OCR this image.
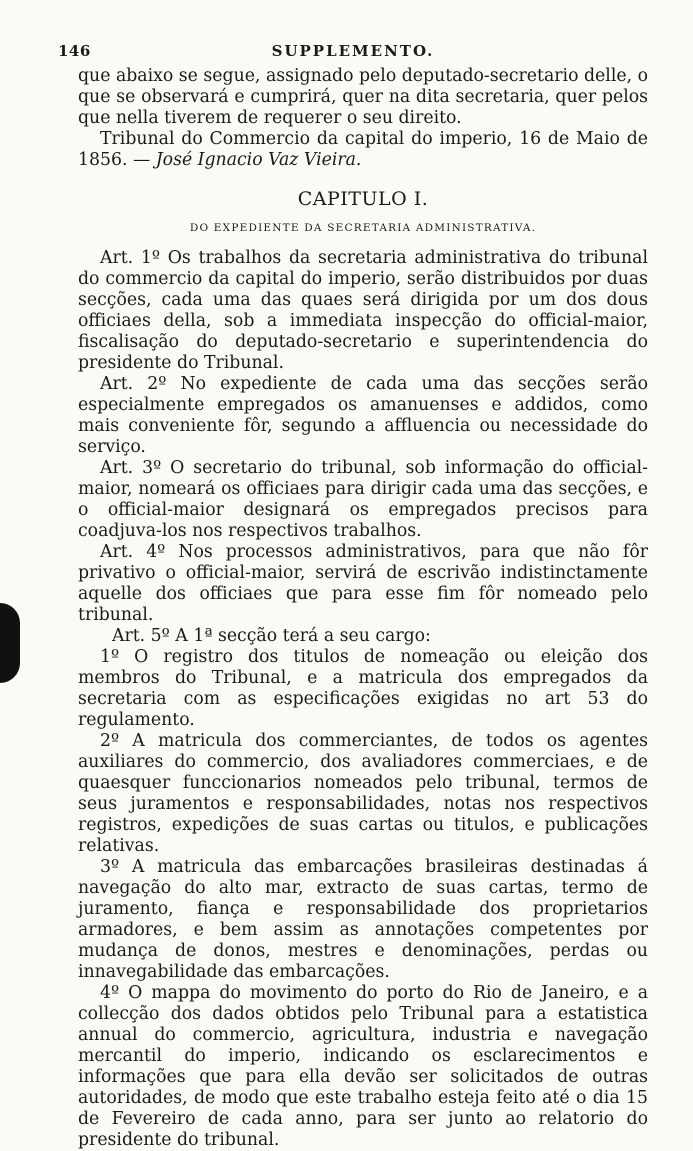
146	SUPPLEMENTO.

que abaixo se segue, assignado pelo deputado-secretario delle, o que se observará e cumprirá, quer na dita secretaria, quer pelos que nella tiverem de requerer o seu direito.

Tribunal do Commercio da capital do imperio, 16 de Maio de 1856. — José Ignacio Vaz Vieira.

CAPITULO I.
DO EXPEDIENTE DA SECRETARIA ADMINISTRATIVA.

Art. 1º Os trabalhos da secretaria administrativa do tribunal do commercio da capital do imperio, serão distribuidos por duas secções, cada uma das quaes será dirigida por um dos dous officiaes della, sob a immediata inspecção do official-maior, fiscalisação do deputado-secretario e superintendencia do presidente do Tribunal.

Art. 2º No expediente de cada uma das secções serão especialmente empregados os amanuenses e addidos, como mais conveniente fôr, segundo a affluencia ou necessidade do serviço.

Art. 3º O secretario do tribunal, sob informação do official-maior, nomeará os officiaes para dirigir cada uma das secções, e o official-maior designará os empregados precisos para coadjuva-los nos respectivos trabalhos.

Art. 4º Nos processos administrativos, para que não fôr privativo o official-maior, servirá de escrivão indistinctamente aquelle dos officiaes que para esse fim fôr nomeado pelo tribunal.

Art. 5º A 1ª secção terá a seu cargo:

1º O registro dos titulos de nomeação ou eleição dos membros do Tribunal, e a matricula dos empregados da secretaria com as especificações exigidas no art 53 do regulamento.

2º A matricula dos commerciantes, de todos os agentes auxiliares do commercio, dos avaliadores commerciaes, e de quaesquer funccionarios nomeados pelo tribunal, termos de seus juramentos e responsabilidades, notas nos respectivos registros, expedições de suas cartas ou titulos, e publicações relativas.

3º A matricula das embarcações brasileiras destinadas á navegação do alto mar, extracto de suas cartas, termo de juramento, fiança e responsabilidade dos proprietarios armadores, e bem assim as annotações competentes por mudança de donos, mestres e denominações, perdas ou innavegabilidade das embarcações.

4º O mappa do movimento do porto do Rio de Janeiro, e a collecção dos dados obtidos pelo Tribunal para a estatistica annual do commercio, agricultura, industria e navegação mercantil do imperio, indicando os esclarecimentos e informações que para ella devão ser solicitados de outras autoridades, de modo que este trabalho esteja feito até o dia 15 de Fevereiro de cada anno, para ser junto ao relatorio do presidente do tribunal.
